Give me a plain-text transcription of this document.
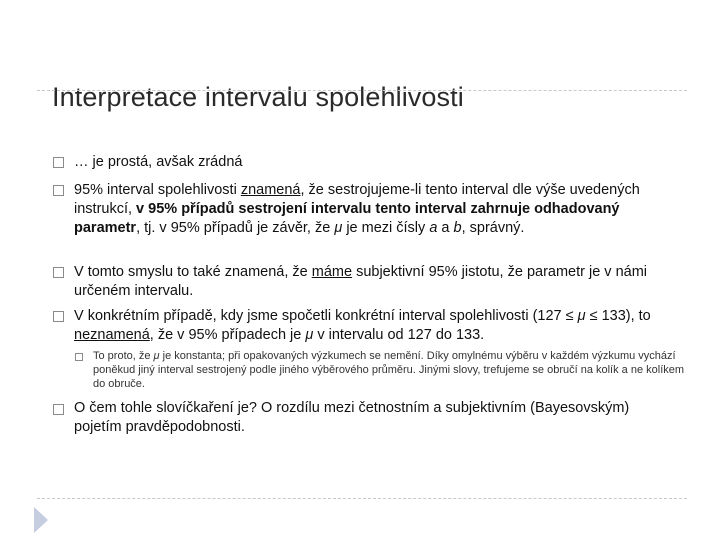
Interpretace intervalu spolehlivosti
… je prostá, avšak zrádná
95% interval spolehlivosti znamená, že sestrojujeme-li tento interval dle výše uvedených instrukcí, v 95% případů sestrojení intervalu tento interval zahrnuje odhadovaný parametr, tj. v 95% případů je závěr, že μ je mezi čísly a a b, správný.
V tomto smyslu to také znamená, že máme subjektivní 95% jistotu, že parametr je v námi určeném intervalu.
V konkrétním případě, kdy jsme spočetli konkrétní interval spolehlivosti (127 ≤ μ ≤ 133), to neznamená, že v 95% případech je μ v intervalu od 127 do 133.
To proto, že μ je konstanta; při opakovaných výzkumech se nemění. Díky omylnému výběru v každém výzkumu vychází poněkud jiný interval sestrojený podle jiného výběrového průměru. Jinými slovy, trefujeme se obručí na kolík a ne kolíkem do obruče.
O čem tohle slovíčkaření je? O rozdílu mezi četnostním a subjektivním (Bayesovským) pojetím pravděpodobnosti.
